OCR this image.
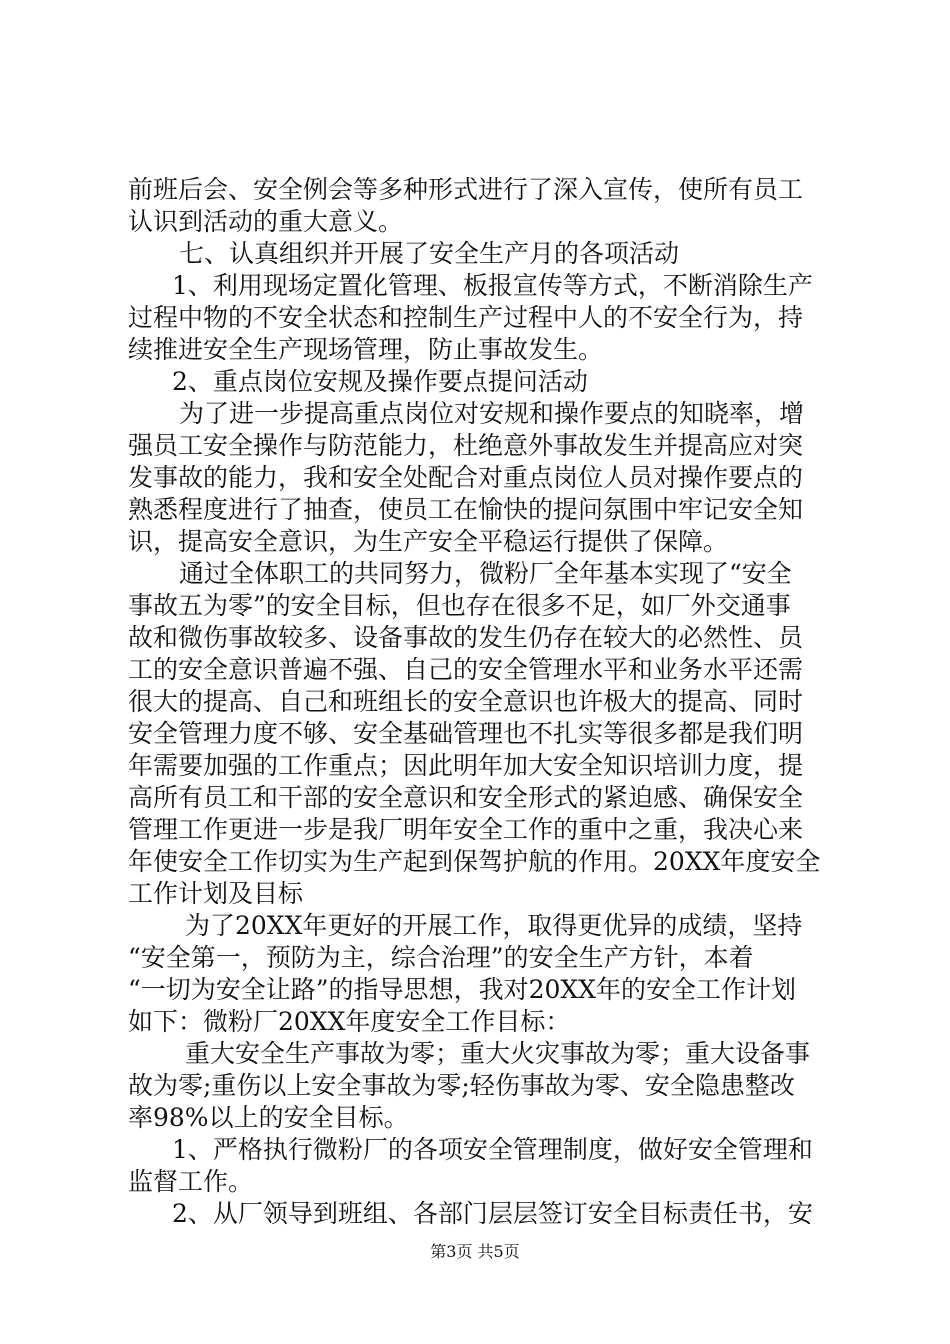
前班后会、安全例会等多种形式进行了深入宣传，使所有员工
认识到活动的重大意义。
七、认真组织并开展了安全生产月的各项活动
1、利用现场定置化管理、板报宣传等方式，不断消除生产
过程中物的不安全状态和控制生产过程中人的不安全行为，持
续推进安全生产现场管理，防止事故发生。
2、重点岗位安规及操作要点提问活动
为了进一步提高重点岗位对安规和操作要点的知晓率，增
强员工安全操作与防范能力，杜绝意外事故发生并提高应对突
发事故的能力，我和安全处配合对重点岗位人员对操作要点的
熟悉程度进行了抽查，使员工在愉快的提问氛围中牢记安全知
识，提高安全意识，为生产安全平稳运行提供了保障。
通过全体职工的共同努力，微粉厂全年基本实现了“安全
事故五为零”的安全目标，但也存在很多不足，如厂外交通事
故和微伤事故较多、设备事故的发生仍存在较大的必然性、员
工的安全意识普遍不强、自己的安全管理水平和业务水平还需
很大的提高、自己和班组长的安全意识也许极大的提高、同时
安全管理力度不够、安全基础管理也不扎实等很多都是我们明
年需要加强的工作重点；因此明年加大安全知识培训力度，提
高所有员工和干部的安全意识和安全形式的紧迫感、确保安全
管理工作更进一步是我厂明年安全工作的重中之重，我决心来
年使安全工作切实为生产起到保驾护航的作用。20XX年度安全
工作计划及目标
为了20XX年更好的开展工作，取得更优异的成绩，坚持
“安全第一，预防为主，综合治理”的安全生产方针，本着
“一切为安全让路”的指导思想，我对20XX年的安全工作计划
如下：微粉厂20XX年度安全工作目标：
重大安全生产事故为零；重大火灾事故为零；重大设备事
故为零;重伤以上安全事故为零;轻伤事故为零、安全隐患整改
率98%以上的安全目标。
1、严格执行微粉厂的各项安全管理制度，做好安全管理和
监督工作。
2、从厂领导到班组、各部门层层签订安全目标责任书，安
第3页 共5页
